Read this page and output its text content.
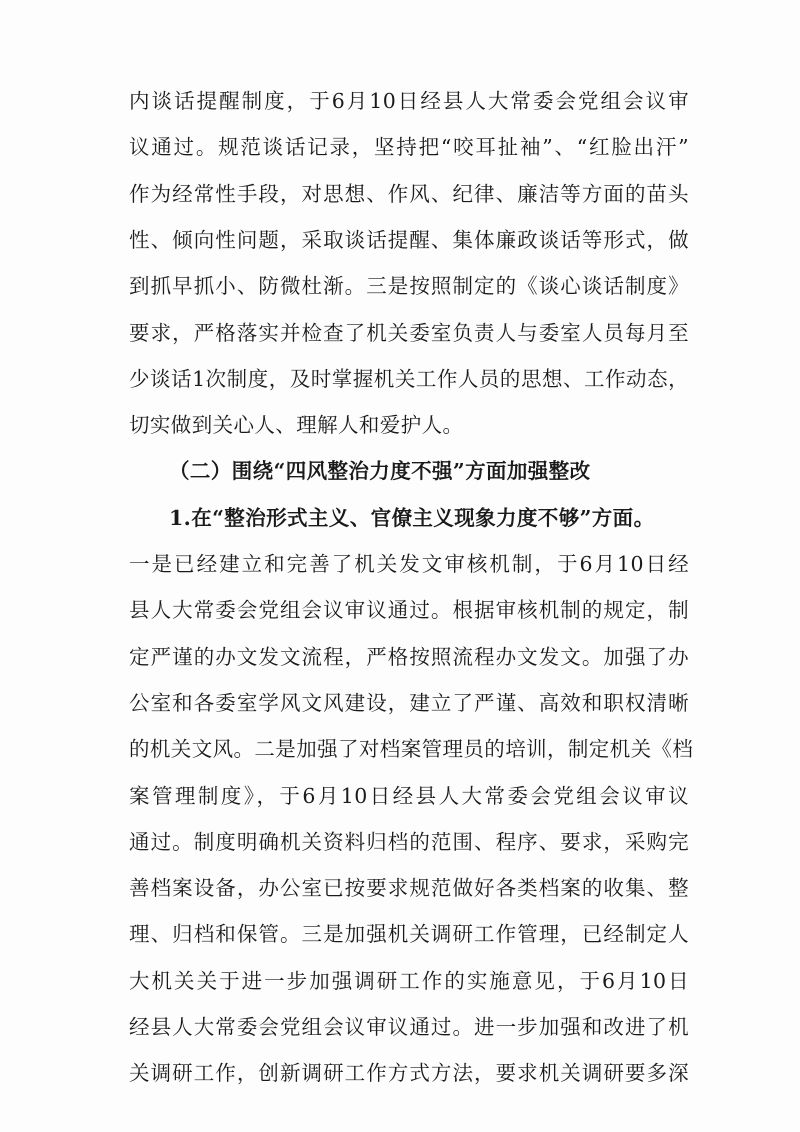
内谈话提醒制度，于6月10日经县人大常委会党组会议审
议通过。规范谈话记录，坚持把“咬耳扯袖”、“红脸出汗”
作为经常性手段，对思想、作风、纪律、廉洁等方面的苗头
性、倾向性问题，采取谈话提醒、集体廉政谈话等形式，做
到抓早抓小、防微杜渐。三是按照制定的《谈心谈话制度》
要求，严格落实并检查了机关委室负责人与委室人员每月至
少谈话1次制度，及时掌握机关工作人员的思想、工作动态，
切实做到关心人、理解人和爱护人。
（二）围绕“四风整治力度不强”方面加强整改
1.在“整治形式主义、官僚主义现象力度不够”方面。
一是已经建立和完善了机关发文审核机制，于6月10日经
县人大常委会党组会议审议通过。根据审核机制的规定，制
定严谨的办文发文流程，严格按照流程办文发文。加强了办
公室和各委室学风文风建设，建立了严谨、高效和职权清晰
的机关文风。二是加强了对档案管理员的培训，制定机关《档
案管理制度》，于6月10日经县人大常委会党组会议审议
通过。制度明确机关资料归档的范围、程序、要求，采购完
善档案设备，办公室已按要求规范做好各类档案的收集、整
理、归档和保管。三是加强机关调研工作管理，已经制定人
大机关关于进一步加强调研工作的实施意见，于6月10日
经县人大常委会党组会议审议通过。进一步加强和改进了机
关调研工作，创新调研工作方式方法，要求机关调研要多深
